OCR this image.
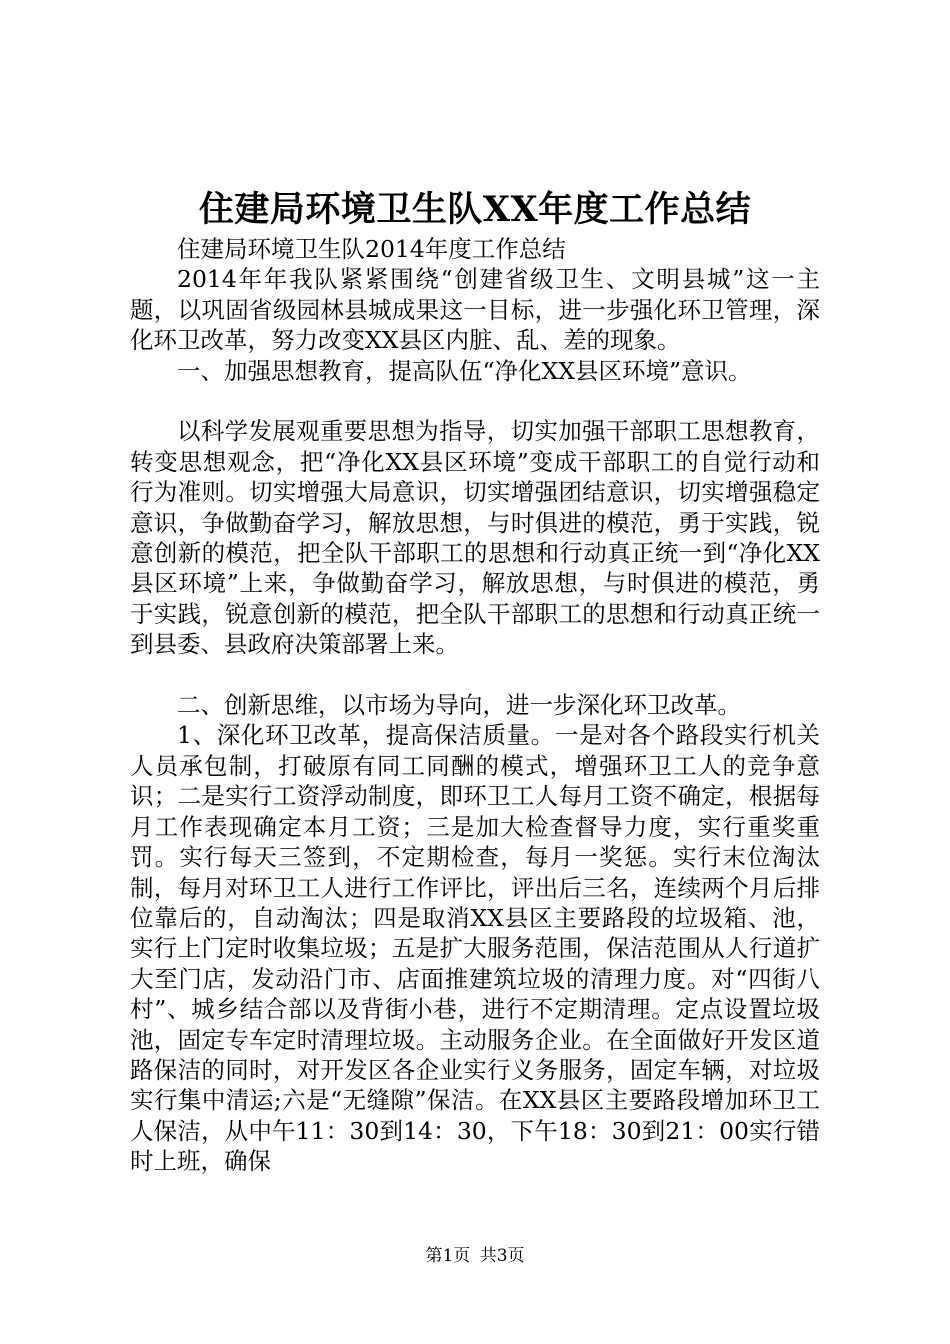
住建局环境卫生队XX年度工作总结

住建局环境卫生队2014年度工作总结

2014年年我队紧紧围绕“创建省级卫生、文明县城”这一主题，以巩固省级园林县城成果这一目标，进一步强化环卫管理，深化环卫改革，努力改变XX县区内脏、乱、差的现象。

一、加强思想教育，提高队伍“净化XX县区环境”意识。

以科学发展观重要思想为指导，切实加强干部职工思想教育，转变思想观念，把“净化XX县区环境”变成干部职工的自觉行动和行为准则。切实增强大局意识，切实增强团结意识，切实增强稳定意识，争做勤奋学习，解放思想，与时俱进的模范，勇于实践，锐意创新的模范，把全队干部职工的思想和行动真正统一到“净化XX县区环境”上来，争做勤奋学习，解放思想，与时俱进的模范，勇于实践，锐意创新的模范，把全队干部职工的思想和行动真正统一到县委、县政府决策部署上来。

二、创新思维，以市场为导向，进一步深化环卫改革。

1、深化环卫改革，提高保洁质量。一是对各个路段实行机关人员承包制，打破原有同工同酬的模式，增强环卫工人的竞争意识；二是实行工资浮动制度，即环卫工人每月工资不确定，根据每月工作表现确定本月工资；三是加大检查督导力度，实行重奖重罚。实行每天三签到，不定期检查，每月一奖惩。实行末位淘汰制，每月对环卫工人进行工作评比，评出后三名，连续两个月后排位靠后的，自动淘汰；四是取消XX县区主要路段的垃圾箱、池，实行上门定时收集垃圾；五是扩大服务范围，保洁范围从人行道扩大至门店，发动沿门市、店面推建筑垃圾的清理力度。对“四街八村”、城乡结合部以及背街小巷，进行不定期清理。定点设置垃圾池，固定专车定时清理垃圾。主动服务企业。在全面做好开发区道路保洁的同时，对开发区各企业实行义务服务，固定车辆，对垃圾实行集中清运;六是“无缝隙”保洁。在XX县区主要路段增加环卫工人保洁，从中午11：30到14：30，下午18：30到21：00实行错时上班，确保

第1页 共3页
